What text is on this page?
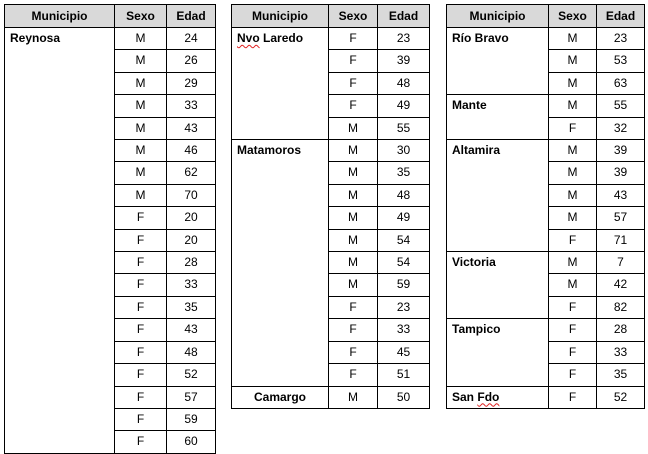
Municipio	Sexo	Edad
Reynosa	M	24
	M	26
	M	29
	M	33
	M	43
	M	46
	M	62
	M	70
	F	20
	F	20
	F	28
	F	33
	F	35
	F	43
	F	48
	F	52
	F	57
	F	59
	F	60
Municipio	Sexo	Edad
Nvo Laredo	F	23
	F	39
	F	48
	F	49
	M	55
Matamoros	M	30
	M	35
	M	48
	M	49
	M	54
	M	54
	M	59
	F	23
	F	33
	F	45
	F	51
Camargo	M	50
Municipio	Sexo	Edad
Río Bravo	M	23
	M	53
	M	63
Mante	M	55
	F	32
Altamira	M	39
	M	39
	M	43
	M	57
	F	71
Victoria	M	7
	M	42
	F	82
Tampico	F	28
	F	33
	F	35
San Fdo	F	52
